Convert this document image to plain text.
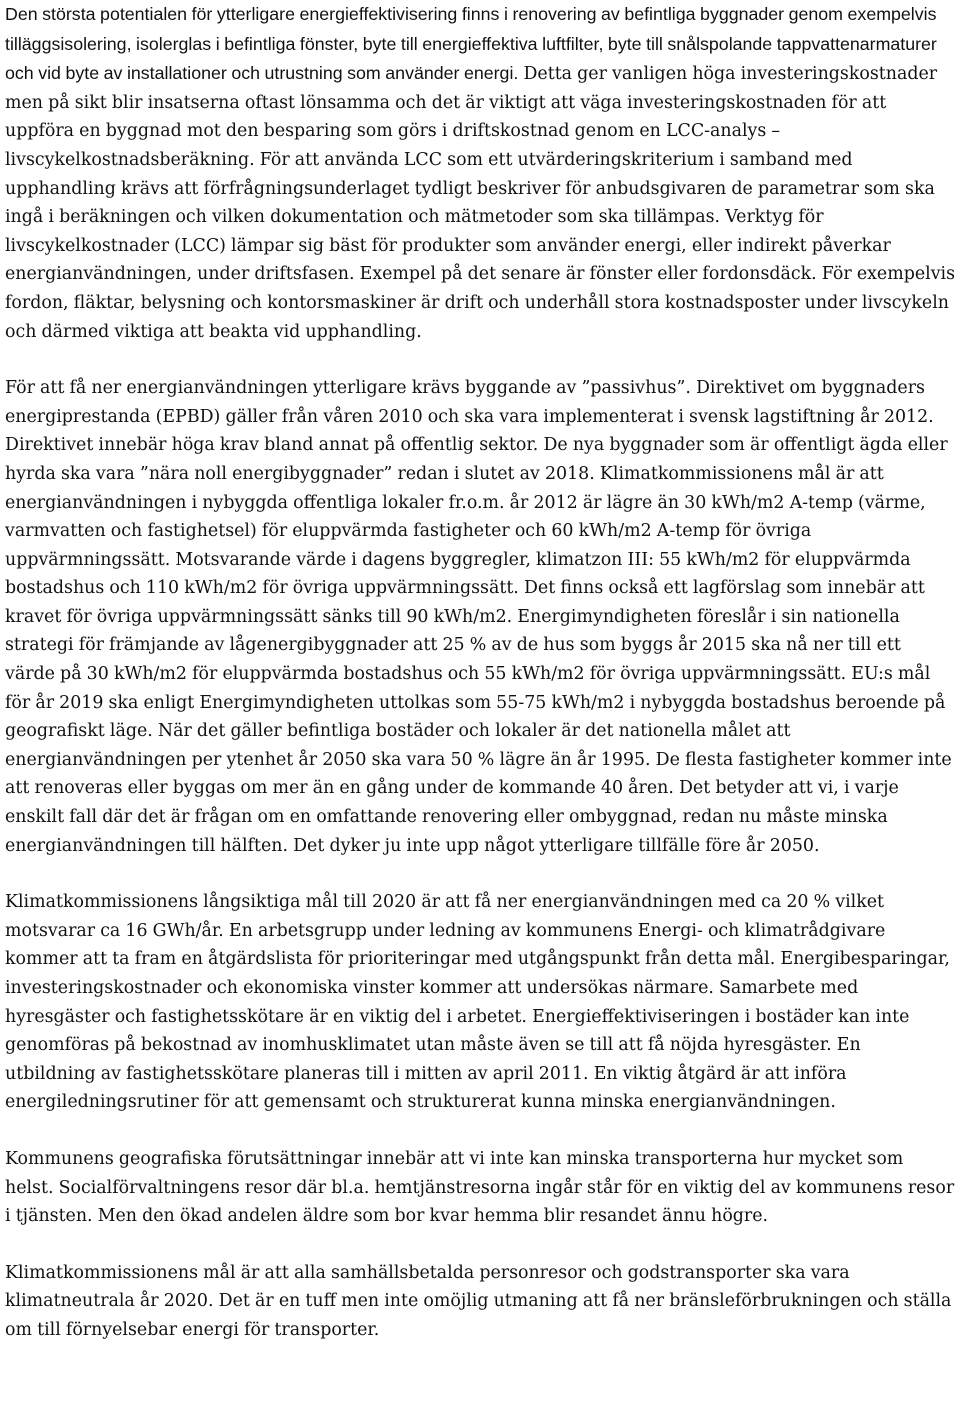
Den största potentialen för ytterligare energieffektivisering finns i renovering av befintliga byggnader genom exempelvis tilläggsisolering, isolerglas i befintliga fönster, byte till energieffektiva luftfilter, byte till snålspolande tappvattenarmaturer och vid byte av installationer och utrustning som använder energi. Detta ger vanligen höga investeringskostnader men på sikt blir insatserna oftast lönsamma och det är viktigt att väga investeringskostnaden för att uppföra en byggnad mot den besparing som görs i driftskostnad genom en LCC-analys – livscykelkostnadsberäkning. För att använda LCC som ett utvärderingskriterium i samband med upphandling krävs att förfrågningsunderlaget tydligt beskriver för anbudsgivaren de parametrar som ska ingå i beräkningen och vilken dokumentation och mätmetoder som ska tillämpas. Verktyg för livscykelkostnader (LCC) lämpar sig bäst för produkter som använder energi, eller indirekt påverkar energianvändningen, under driftsfasen. Exempel på det senare är fönster eller fordonsdäck. För exempelvis fordon, fläktar, belysning och kontorsmaskiner är drift och underhåll stora kostnadsposter under livscykeln och därmed viktiga att beakta vid upphandling.

För att få ner energianvändningen ytterligare krävs byggande av ”passivhus”. Direktivet om byggnaders energiprestanda (EPBD) gäller från våren 2010 och ska vara implementerat i svensk lagstiftning år 2012. Direktivet innebär höga krav bland annat på offentlig sektor. De nya byggnader som är offentligt ägda eller hyrda ska vara ”nära noll energibyggnader” redan i slutet av 2018. Klimatkommissionens mål är att energianvändningen i nybyggda offentliga lokaler fr.o.m. år 2012 är lägre än 30 kWh/m2 A-temp (värme, varmvatten och fastighetsel) för eluppvärmda fastigheter och 60 kWh/m2 A-temp för övriga uppvärmningssätt. Motsvarande värde i dagens byggregler, klimatzon III: 55 kWh/m2 för eluppvärmda bostadshus och 110 kWh/m2 för övriga uppvärmningssätt. Det finns också ett lagförslag som innebär att kravet för övriga uppvärmningssätt sänks till 90 kWh/m2. Energimyndigheten föreslår i sin nationella strategi för främjande av lågenergibyggnader att 25 % av de hus som byggs år 2015 ska nå ner till ett värde på 30 kWh/m2 för eluppvärmda bostadshus och 55 kWh/m2 för övriga uppvärmningssätt. EU:s mål för år 2019 ska enligt Energimyndigheten uttolkas som 55-75 kWh/m2 i nybyggda bostadshus beroende på geografiskt läge. När det gäller befintliga bostäder och lokaler är det nationella målet att energianvändningen per ytenhet år 2050 ska vara 50 % lägre än år 1995. De flesta fastigheter kommer inte att renoveras eller byggas om mer än en gång under de kommande 40 åren. Det betyder att vi, i varje enskilt fall där det är frågan om en omfattande renovering eller ombyggnad, redan nu måste minska energianvändningen till hälften. Det dyker ju inte upp något ytterligare tillfälle före år 2050.

Klimatkommissionens långsiktiga mål till 2020 är att få ner energianvändningen med ca 20 % vilket motsvarar ca 16 GWh/år. En arbetsgrupp under ledning av kommunens Energi- och klimatrådgivare kommer att ta fram en åtgärdslista för prioriteringar med utgångspunkt från detta mål. Energibesparingar, investeringskostnader och ekonomiska vinster kommer att undersökas närmare. Samarbete med hyresgäster och fastighetsskötare är en viktig del i arbetet. Energieffektiviseringen i bostäder kan inte genomföras på bekostnad av inomhusklimatet utan måste även se till att få nöjda hyresgäster. En utbildning av fastighetsskötare planeras till i mitten av april 2011. En viktig åtgärd är att införa energiledningsrutiner för att gemensamt och strukturerat kunna minska energianvändningen.

Kommunens geografiska förutsättningar innebär att vi inte kan minska transporterna hur mycket som helst. Socialförvaltningens resor där bl.a. hemtjänstresorna ingår står för en viktig del av kommunens resor i tjänsten. Men den ökad andelen äldre som bor kvar hemma blir resandet ännu högre.

Klimatkommissionens mål är att alla samhällsbetalda personresor och godstransporter ska vara klimatneutrala år 2020. Det är en tuff men inte omöjlig utmaning att få ner bränsleförbrukningen och ställa om till förnyelsebar energi för transporter.
